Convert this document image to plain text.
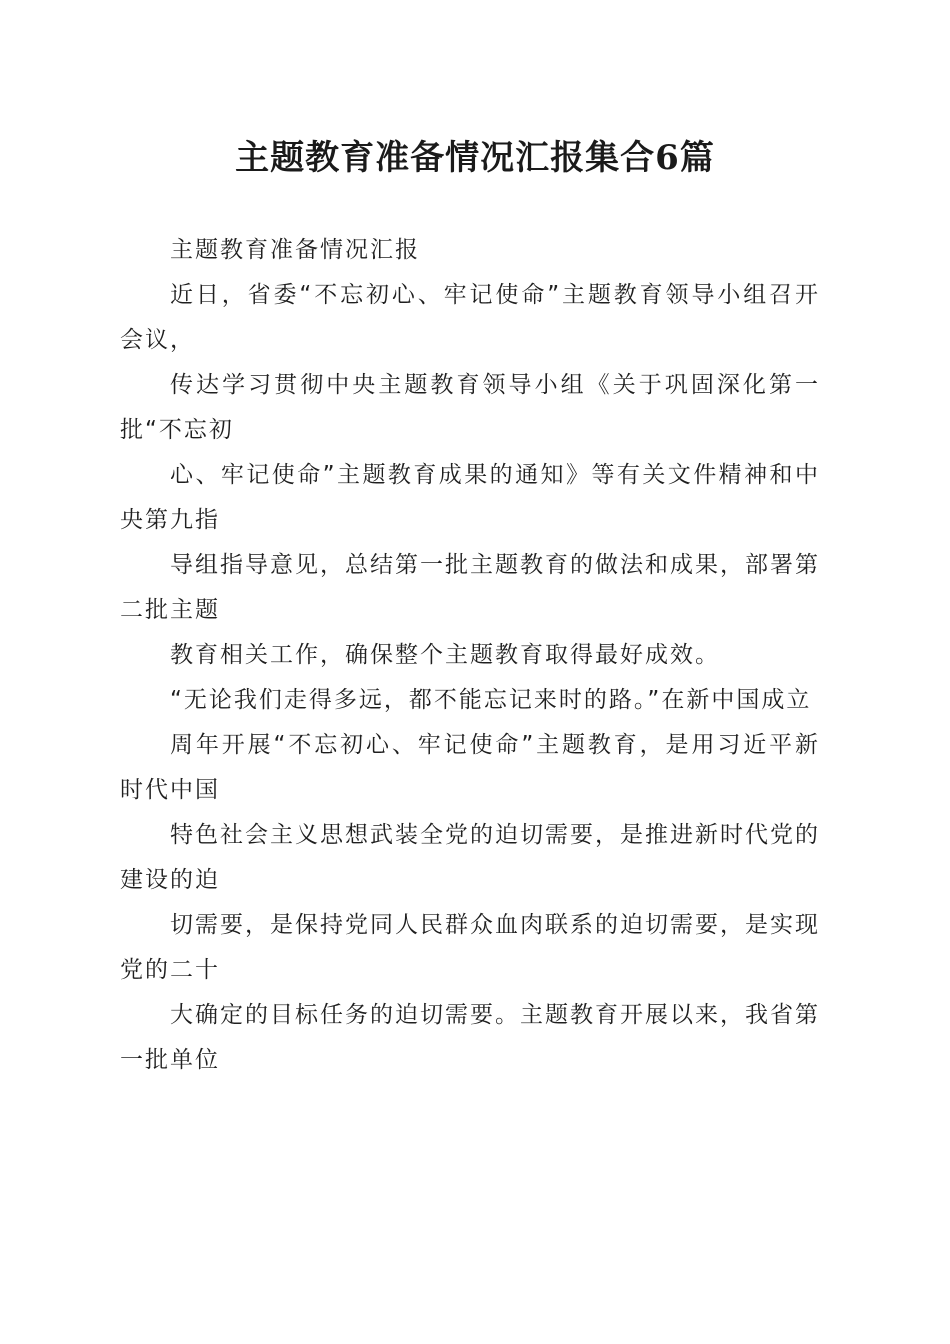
主题教育准备情况汇报集合6篇

主题教育准备情况汇报

近日，省委“不忘初心、牢记使命”主题教育领导小组召开会议，

传达学习贯彻中央主题教育领导小组《关于巩固深化第一批“不忘初

心、牢记使命”主题教育成果的通知》等有关文件精神和中央第九指

导组指导意见，总结第一批主题教育的做法和成果，部署第二批主题

教育相关工作，确保整个主题教育取得最好成效。

“无论我们走得多远，都不能忘记来时的路。”在新中国成立

周年开展“不忘初心、牢记使命”主题教育，是用习近平新时代中国

特色社会主义思想武装全党的迫切需要，是推进新时代党的建设的迫

切需要，是保持党同人民群众血肉联系的迫切需要，是实现党的二十

大确定的目标任务的迫切需要。主题教育开展以来，我省第一批单位
